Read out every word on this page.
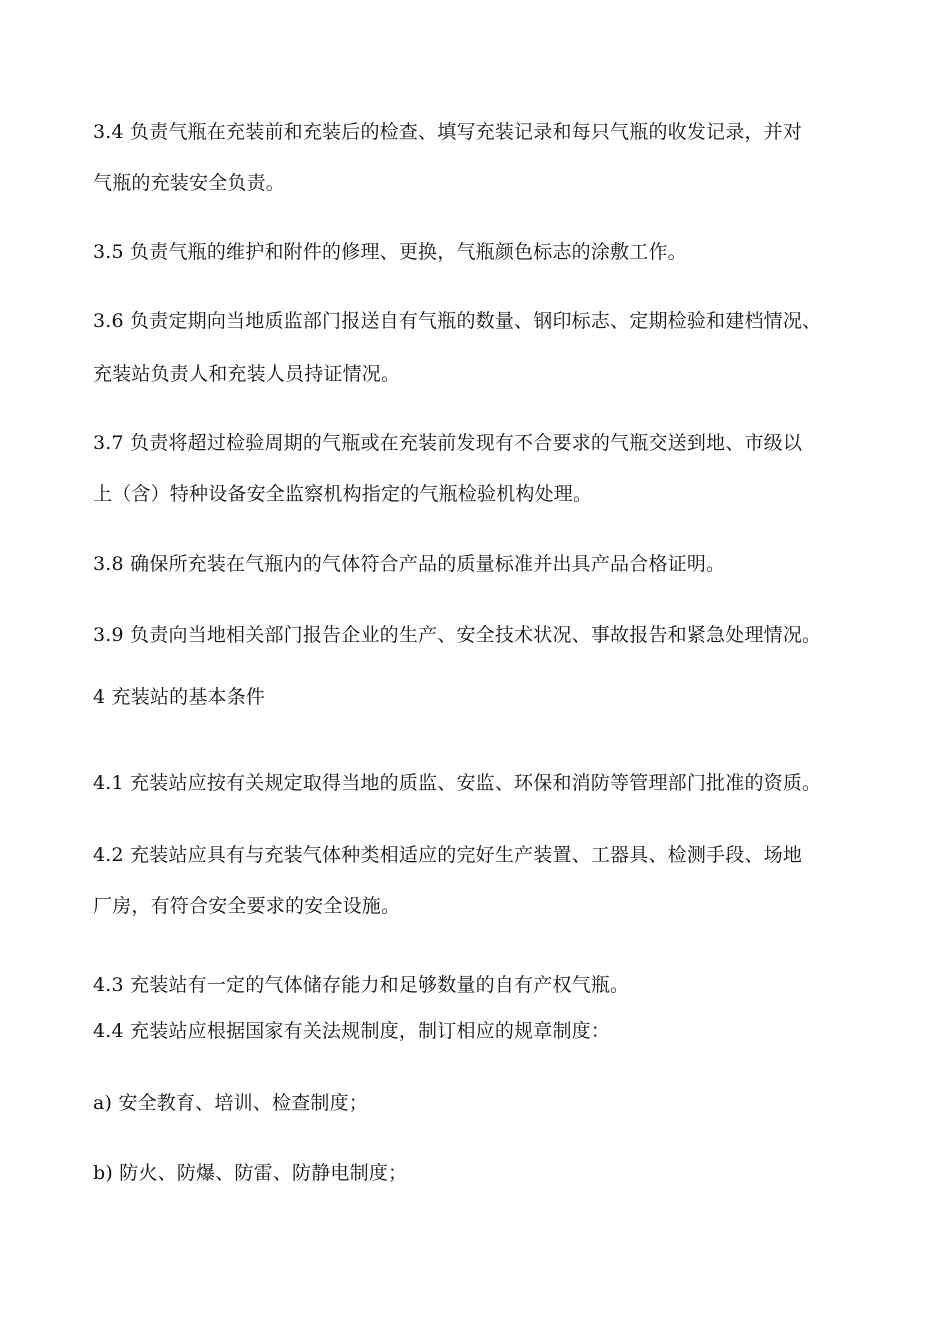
3.4 负责气瓶在充装前和充装后的检查、填写充装记录和每只气瓶的收发记录，并对
气瓶的充装安全负责。
3.5 负责气瓶的维护和附件的修理、更换，气瓶颜色标志的涂敷工作。
3.6 负责定期向当地质监部门报送自有气瓶的数量、钢印标志、定期检验和建档情况、
充装站负责人和充装人员持证情况。
3.7 负责将超过检验周期的气瓶或在充装前发现有不合要求的气瓶交送到地、市级以
上（含）特种设备安全监察机构指定的气瓶检验机构处理。
3.8 确保所充装在气瓶内的气体符合产品的质量标准并出具产品合格证明。
3.9 负责向当地相关部门报告企业的生产、安全技术状况、事故报告和紧急处理情况。
4 充装站的基本条件
4.1 充装站应按有关规定取得当地的质监、安监、环保和消防等管理部门批准的资质。
4.2 充装站应具有与充装气体种类相适应的完好生产装置、工器具、检测手段、场地
厂房，有符合安全要求的安全设施。
4.3 充装站有一定的气体储存能力和足够数量的自有产权气瓶。
4.4 充装站应根据国家有关法规制度，制订相应的规章制度：
a) 安全教育、培训、检查制度；
b) 防火、防爆、防雷、防静电制度；
